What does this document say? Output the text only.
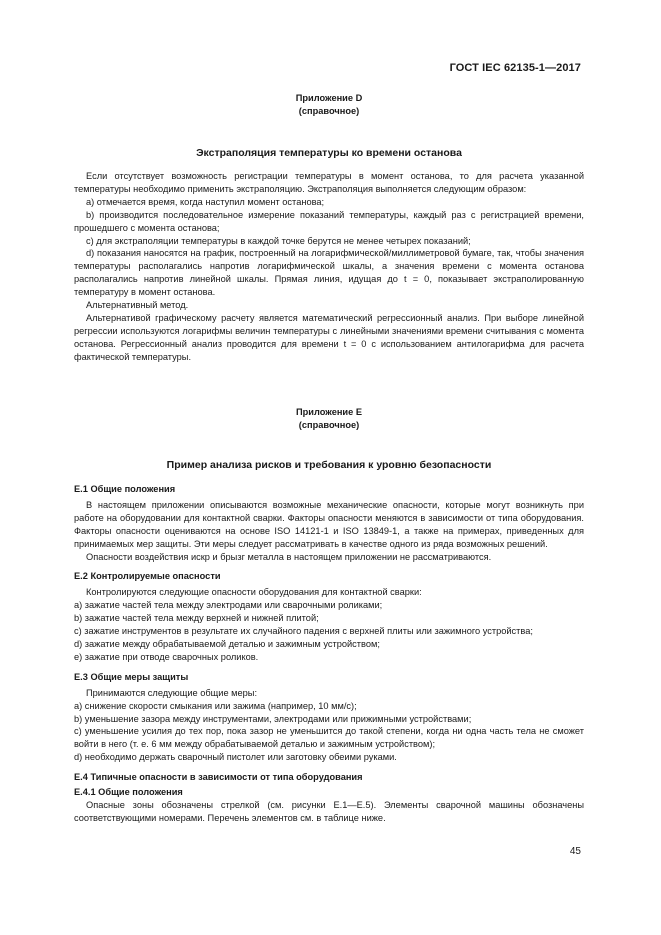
ГОСТ IEC 62135-1—2017
Приложение D
(справочное)
Экстраполяция температуры ко времени останова

Если отсутствует возможность регистрации температуры в момент останова, то для расчета указанной температуры необходимо применить экстраполяцию. Экстраполяция выполняется следующим образом:

a) отмечается время, когда наступил момент останова;

b) производится последовательное измерение показаний температуры, каждый раз с регистрацией времени, прошедшего с момента останова;

c) для экстраполяции температуры в каждой точке берутся не менее четырех показаний;

d) показания наносятся на график, построенный на логарифмической/миллиметровой бумаге, так, чтобы значения температуры располагались напротив логарифмической шкалы, а значения времени с момента останова располагались напротив линейной шкалы. Прямая линия, идущая до t = 0, показывает экстраполированную температуру в момент останова.

Альтернативный метод.

Альтернативой графическому расчету является математический регрессионный анализ. При выборе линейной регрессии используются логарифмы величин температуры с линейными значениями времени считывания с момента останова. Регрессионный анализ проводится для времени t = 0 с использованием антилогарифма для расчета фактической температуры.

Приложение E
(справочное)
Пример анализа рисков и требования к уровню безопасности

E.1 Общие положения

В настоящем приложении описываются возможные механические опасности, которые могут возникнуть при работе на оборудовании для контактной сварки. Факторы опасности меняются в зависимости от типа оборудования. Факторы опасности оцениваются на основе ISO 14121-1 и ISO 13849-1, а также на примерах, приведенных для принимаемых мер защиты. Эти меры следует рассматривать в качестве одного из ряда возможных решений.

Опасности воздействия искр и брызг металла в настоящем приложении не рассматриваются.

E.2 Контролируемые опасности

Контролируются следующие опасности оборудования для контактной сварки:

a) зажатие частей тела между электродами или сварочными роликами;

b) зажатие частей тела между верхней и нижней плитой;

c) зажатие инструментов в результате их случайного падения с верхней плиты или зажимного устройства;

d) зажатие между обрабатываемой деталью и зажимным устройством;

e) зажатие при отводе сварочных роликов.

E.3 Общие меры защиты

Принимаются следующие общие меры:

a) снижение скорости смыкания или зажима (например, 10 мм/с);

b) уменьшение зазора между инструментами, электродами или прижимными устройствами;

c) уменьшение усилия до тех пор, пока зазор не уменьшится до такой степени, когда ни одна часть тела не сможет войти в него (т. е. 6 мм между обрабатываемой деталью и зажимным устройством);

d) необходимо держать сварочный пистолет или заготовку обеими руками.

E.4 Типичные опасности в зависимости от типа оборудования

E.4.1 Общие положения

Опасные зоны обозначены стрелкой (см. рисунки E.1—E.5). Элементы сварочной машины обозначены соответствующими номерами. Перечень элементов см. в таблице ниже.

45
